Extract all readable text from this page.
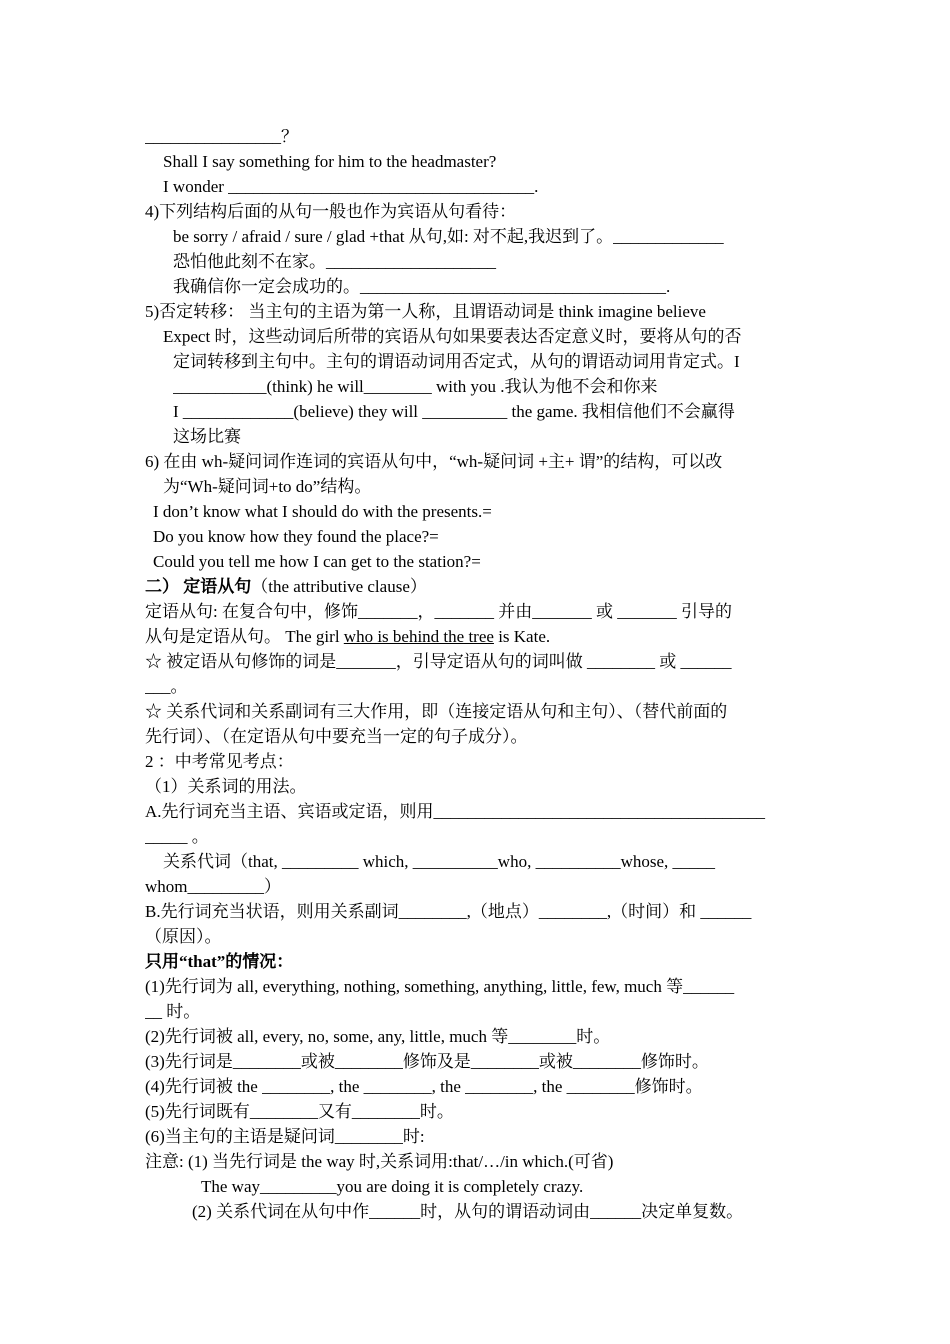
________________？
Shall I say something for him to the headmaster?
I wonder ____________________________________.
4)下列结构后面的从句一般也作为宾语从句看待：
be sorry / afraid / sure / glad +that 从句,如: 对不起,我迟到了。_____________
恐怕他此刻不在家。____________________
我确信你一定会成功的。____________________________________.
5)否定转移： 当主句的主语为第一人称，且谓语动词是 think imagine believe
Expect 时，这些动词后所带的宾语从句如果要表达否定意义时，要将从句的否
定词转移到主句中。主句的谓语动词用否定式，从句的谓语动词用肯定式。I
___________(think) he will________ with you .我认为他不会和你来
I _____________(believe) they will __________ the game. 我相信他们不会赢得
这场比赛
6) 在由 wh-疑问词作连词的宾语从句中，“wh-疑问词 +主+ 谓”的结构，可以改
为“Wh-疑问词+to do”结构。
I don’t know what I should do with the presents.=
Do you know how they found the place?=
Could you tell me how I can get to the station?=
二） 定语从句（the attributive clause）
定语从句: 在复合句中，修饰_______，_______ 并由_______ 或 _______ 引导的
从句是定语从句。 The girl who is behind the tree is Kate.
☆ 被定语从句修饰的词是_______，引导定语从句的词叫做 ________ 或 ______
___。
☆ 关系代词和关系副词有三大作用，即（连接定语从句和主句）、（替代前面的
先行词）、（在定语从句中要充当一定的句子成分）。
2 ：中考常见考点：
（1）关系词的用法。
A.先行词充当主语、宾语或定语，则用_______________________________________
_____ 。
关系代词（that, _________ which, __________who, __________whose, _____
whom_________）
B.先行词充当状语，则用关系副词________,（地点）________,（时间）和 ______
（原因）。
只用“that”的情况：
(1)先行词为 all, everything, nothing, something, anything, little, few, much 等______
__ 时。
(2)先行词被 all, every, no, some, any, little, much 等________时。
(3)先行词是________或被________修饰及是________或被________修饰时。
(4)先行词被 the ________, the ________, the ________, the ________修饰时。
(5)先行词既有________又有________时。
(6)当主句的主语是疑问词________时:
注意: (1) 当先行词是 the way 时,关系词用:that/…/in which.(可省)
The way_________you are doing it is completely crazy.
(2) 关系代词在从句中作______时，从句的谓语动词由______决定单复数。
